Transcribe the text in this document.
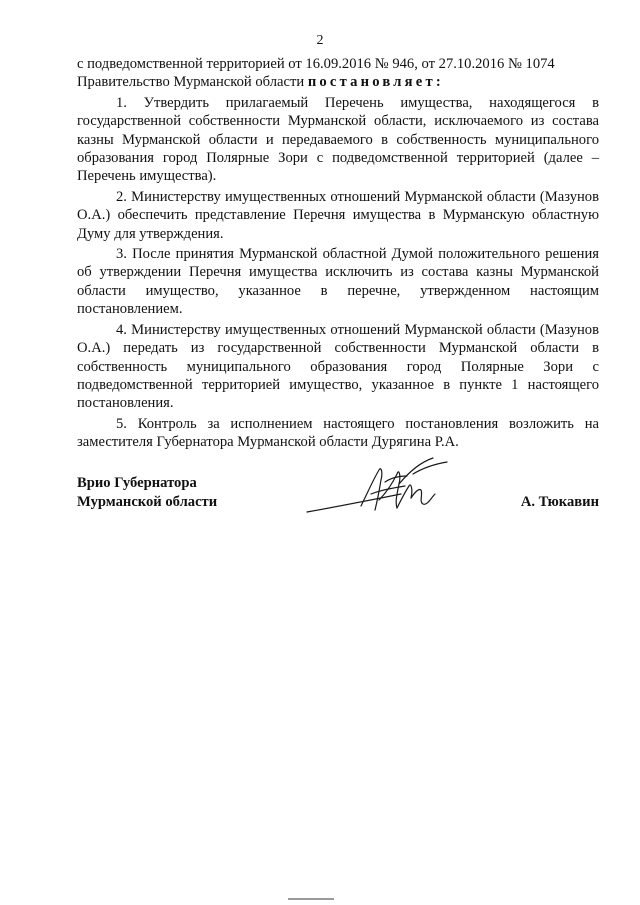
2

с подведомственной территорией от 16.09.2016 № 946, от 27.10.2016 № 1074
Правительство Мурманской области постановляет:

1. Утвердить прилагаемый Перечень имущества, находящегося в государственной собственности Мурманской области, исключаемого из состава казны Мурманской области и передаваемого в собственность муниципального образования город Полярные Зори с подведомственной территорией (далее – Перечень имущества).

2. Министерству имущественных отношений Мурманской области (Мазунов О.А.) обеспечить представление Перечня имущества в Мурманскую областную Думу для утверждения.

3. После принятия Мурманской областной Думой положительного решения об утверждении Перечня имущества исключить из состава казны Мурманской области имущество, указанное в перечне, утвержденном настоящим постановлением.

4. Министерству имущественных отношений Мурманской области (Мазунов О.А.) передать из государственной собственности Мурманской области в собственность муниципального образования город Полярные Зори с подведомственной территорией имущество, указанное в пункте 1 настоящего постановления.

5. Контроль за исполнением настоящего постановления возложить на заместителя Губернатора Мурманской области Дурягина Р.А.

Врио Губернатора
Мурманской области	А. Тюкавин
